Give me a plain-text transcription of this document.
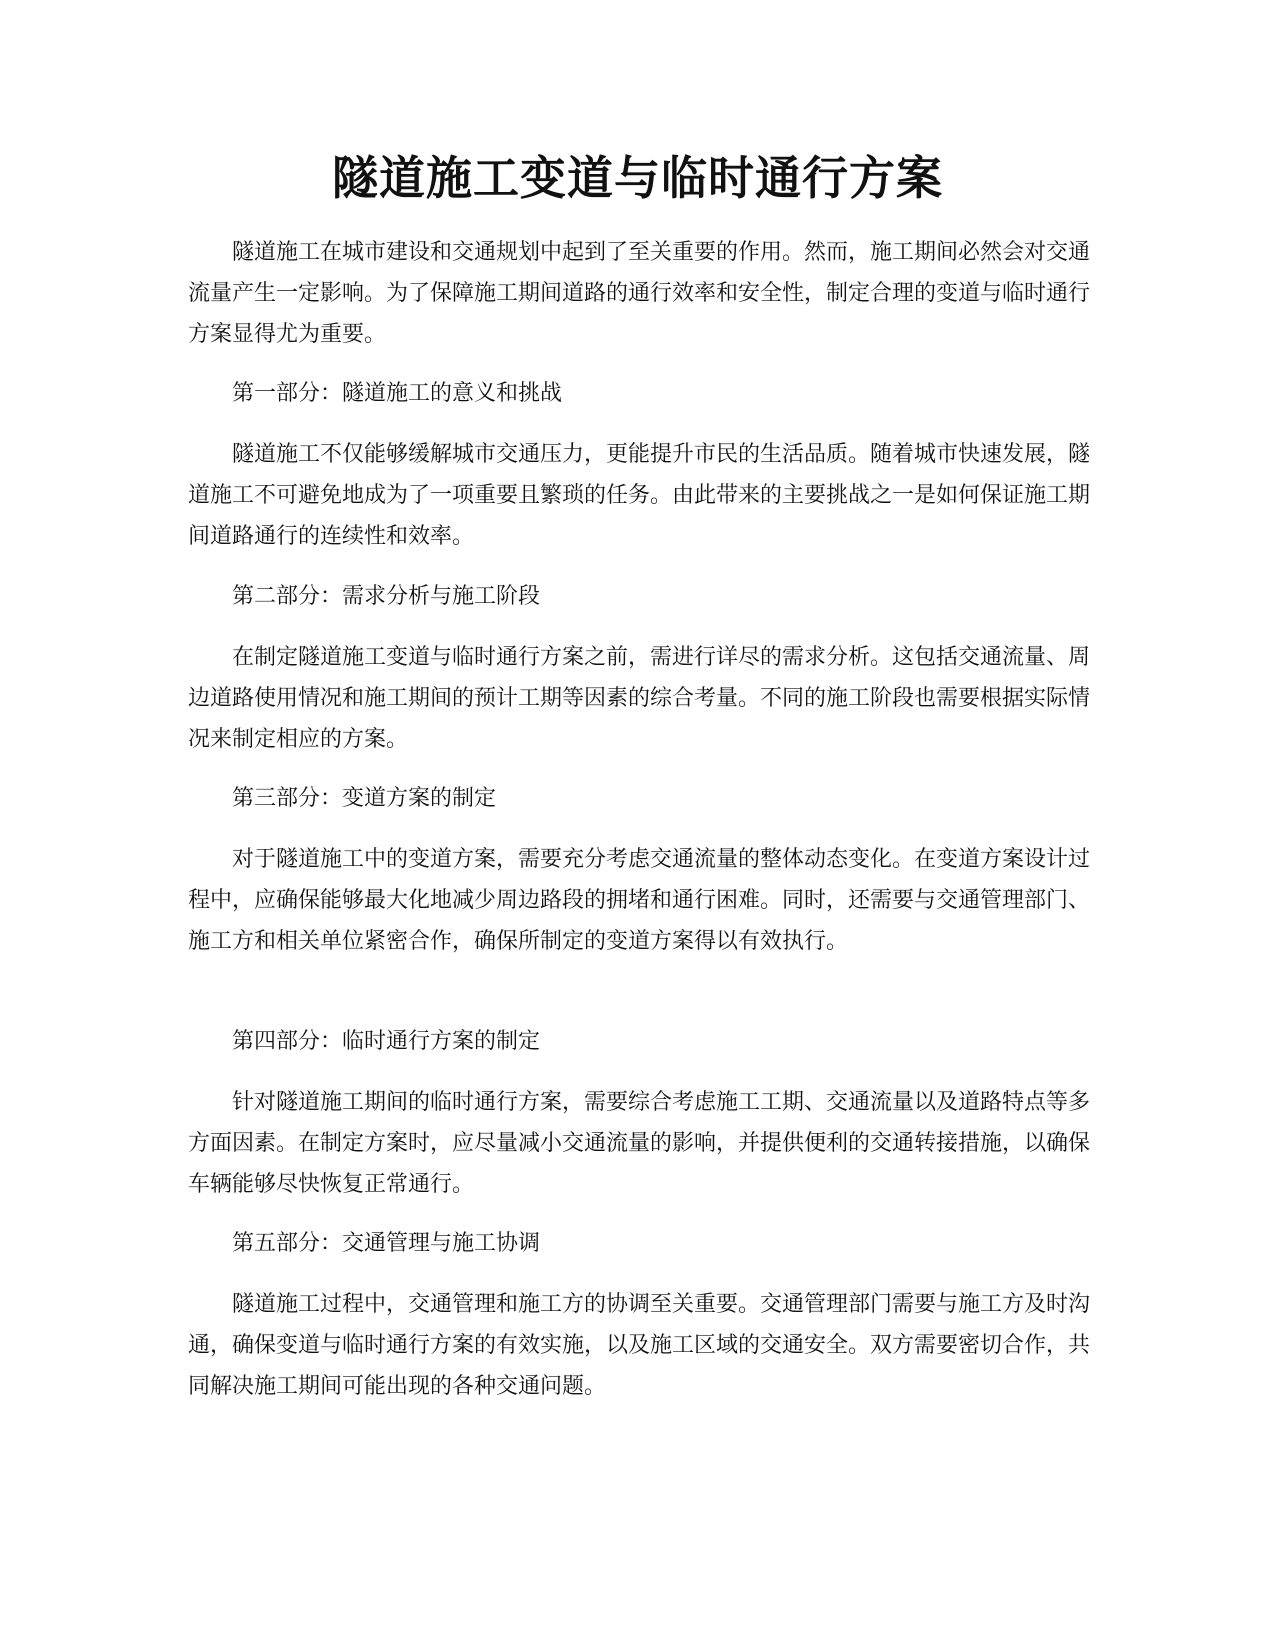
隧道施工变道与临时通行方案

隧道施工在城市建设和交通规划中起到了至关重要的作用。然而，施工期间必然会对交通流量产生一定影响。为了保障施工期间道路的通行效率和安全性，制定合理的变道与临时通行方案显得尤为重要。

第一部分：隧道施工的意义和挑战

隧道施工不仅能够缓解城市交通压力，更能提升市民的生活品质。随着城市快速发展，隧道施工不可避免地成为了一项重要且繁琐的任务。由此带来的主要挑战之一是如何保证施工期间道路通行的连续性和效率。

第二部分：需求分析与施工阶段

在制定隧道施工变道与临时通行方案之前，需进行详尽的需求分析。这包括交通流量、周边道路使用情况和施工期间的预计工期等因素的综合考量。不同的施工阶段也需要根据实际情况来制定相应的方案。

第三部分：变道方案的制定

对于隧道施工中的变道方案，需要充分考虑交通流量的整体动态变化。在变道方案设计过程中，应确保能够最大化地减少周边路段的拥堵和通行困难。同时，还需要与交通管理部门、施工方和相关单位紧密合作，确保所制定的变道方案得以有效执行。

第四部分：临时通行方案的制定

针对隧道施工期间的临时通行方案，需要综合考虑施工工期、交通流量以及道路特点等多方面因素。在制定方案时，应尽量减小交通流量的影响，并提供便利的交通转接措施，以确保车辆能够尽快恢复正常通行。

第五部分：交通管理与施工协调

隧道施工过程中，交通管理和施工方的协调至关重要。交通管理部门需要与施工方及时沟通，确保变道与临时通行方案的有效实施，以及施工区域的交通安全。双方需要密切合作，共同解决施工期间可能出现的各种交通问题。
